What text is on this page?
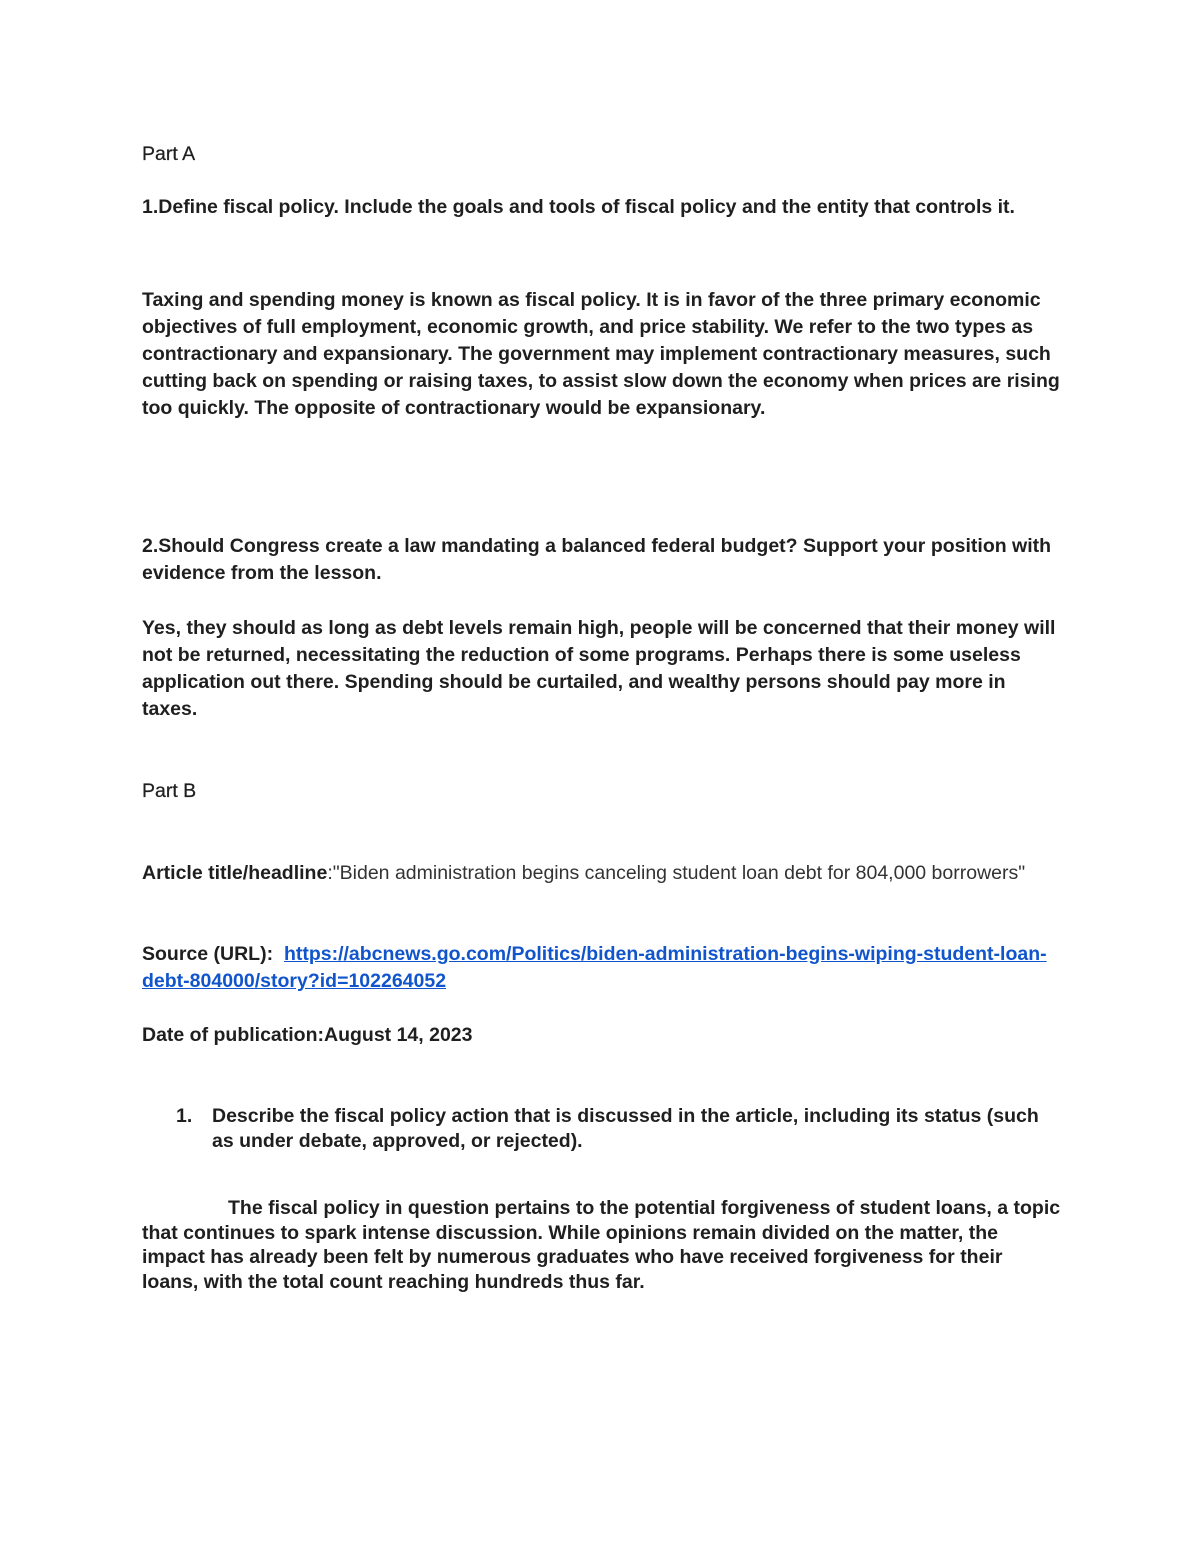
Part A

1.Define fiscal policy. Include the goals and tools of fiscal policy and the entity that controls it.

Taxing and spending money is known as fiscal policy. It is in favor of the three primary economic objectives of full employment, economic growth, and price stability. We refer to the two types as contractionary and expansionary. The government may implement contractionary measures, such cutting back on spending or raising taxes, to assist slow down the economy when prices are rising too quickly. The opposite of contractionary would be expansionary.

2.Should Congress create a law mandating a balanced federal budget? Support your position with evidence from the lesson.

Yes, they should as long as debt levels remain high, people will be concerned that their money will not be returned, necessitating the reduction of some programs. Perhaps there is some useless application out there. Spending should be curtailed, and wealthy persons should pay more in taxes.

Part B

Article title/headline:"Biden administration begins canceling student loan debt for 804,000 borrowers"

Source (URL): https://abcnews.go.com/Politics/biden-administration-begins-wiping-student-loan-debt-804000/story?id=102264052

Date of publication:August 14, 2023

1.	Describe the fiscal policy action that is discussed in the article, including its status (such as under debate, approved, or rejected).

The fiscal policy in question pertains to the potential forgiveness of student loans, a topic that continues to spark intense discussion. While opinions remain divided on the matter, the impact has already been felt by numerous graduates who have received forgiveness for their loans, with the total count reaching hundreds thus far.
